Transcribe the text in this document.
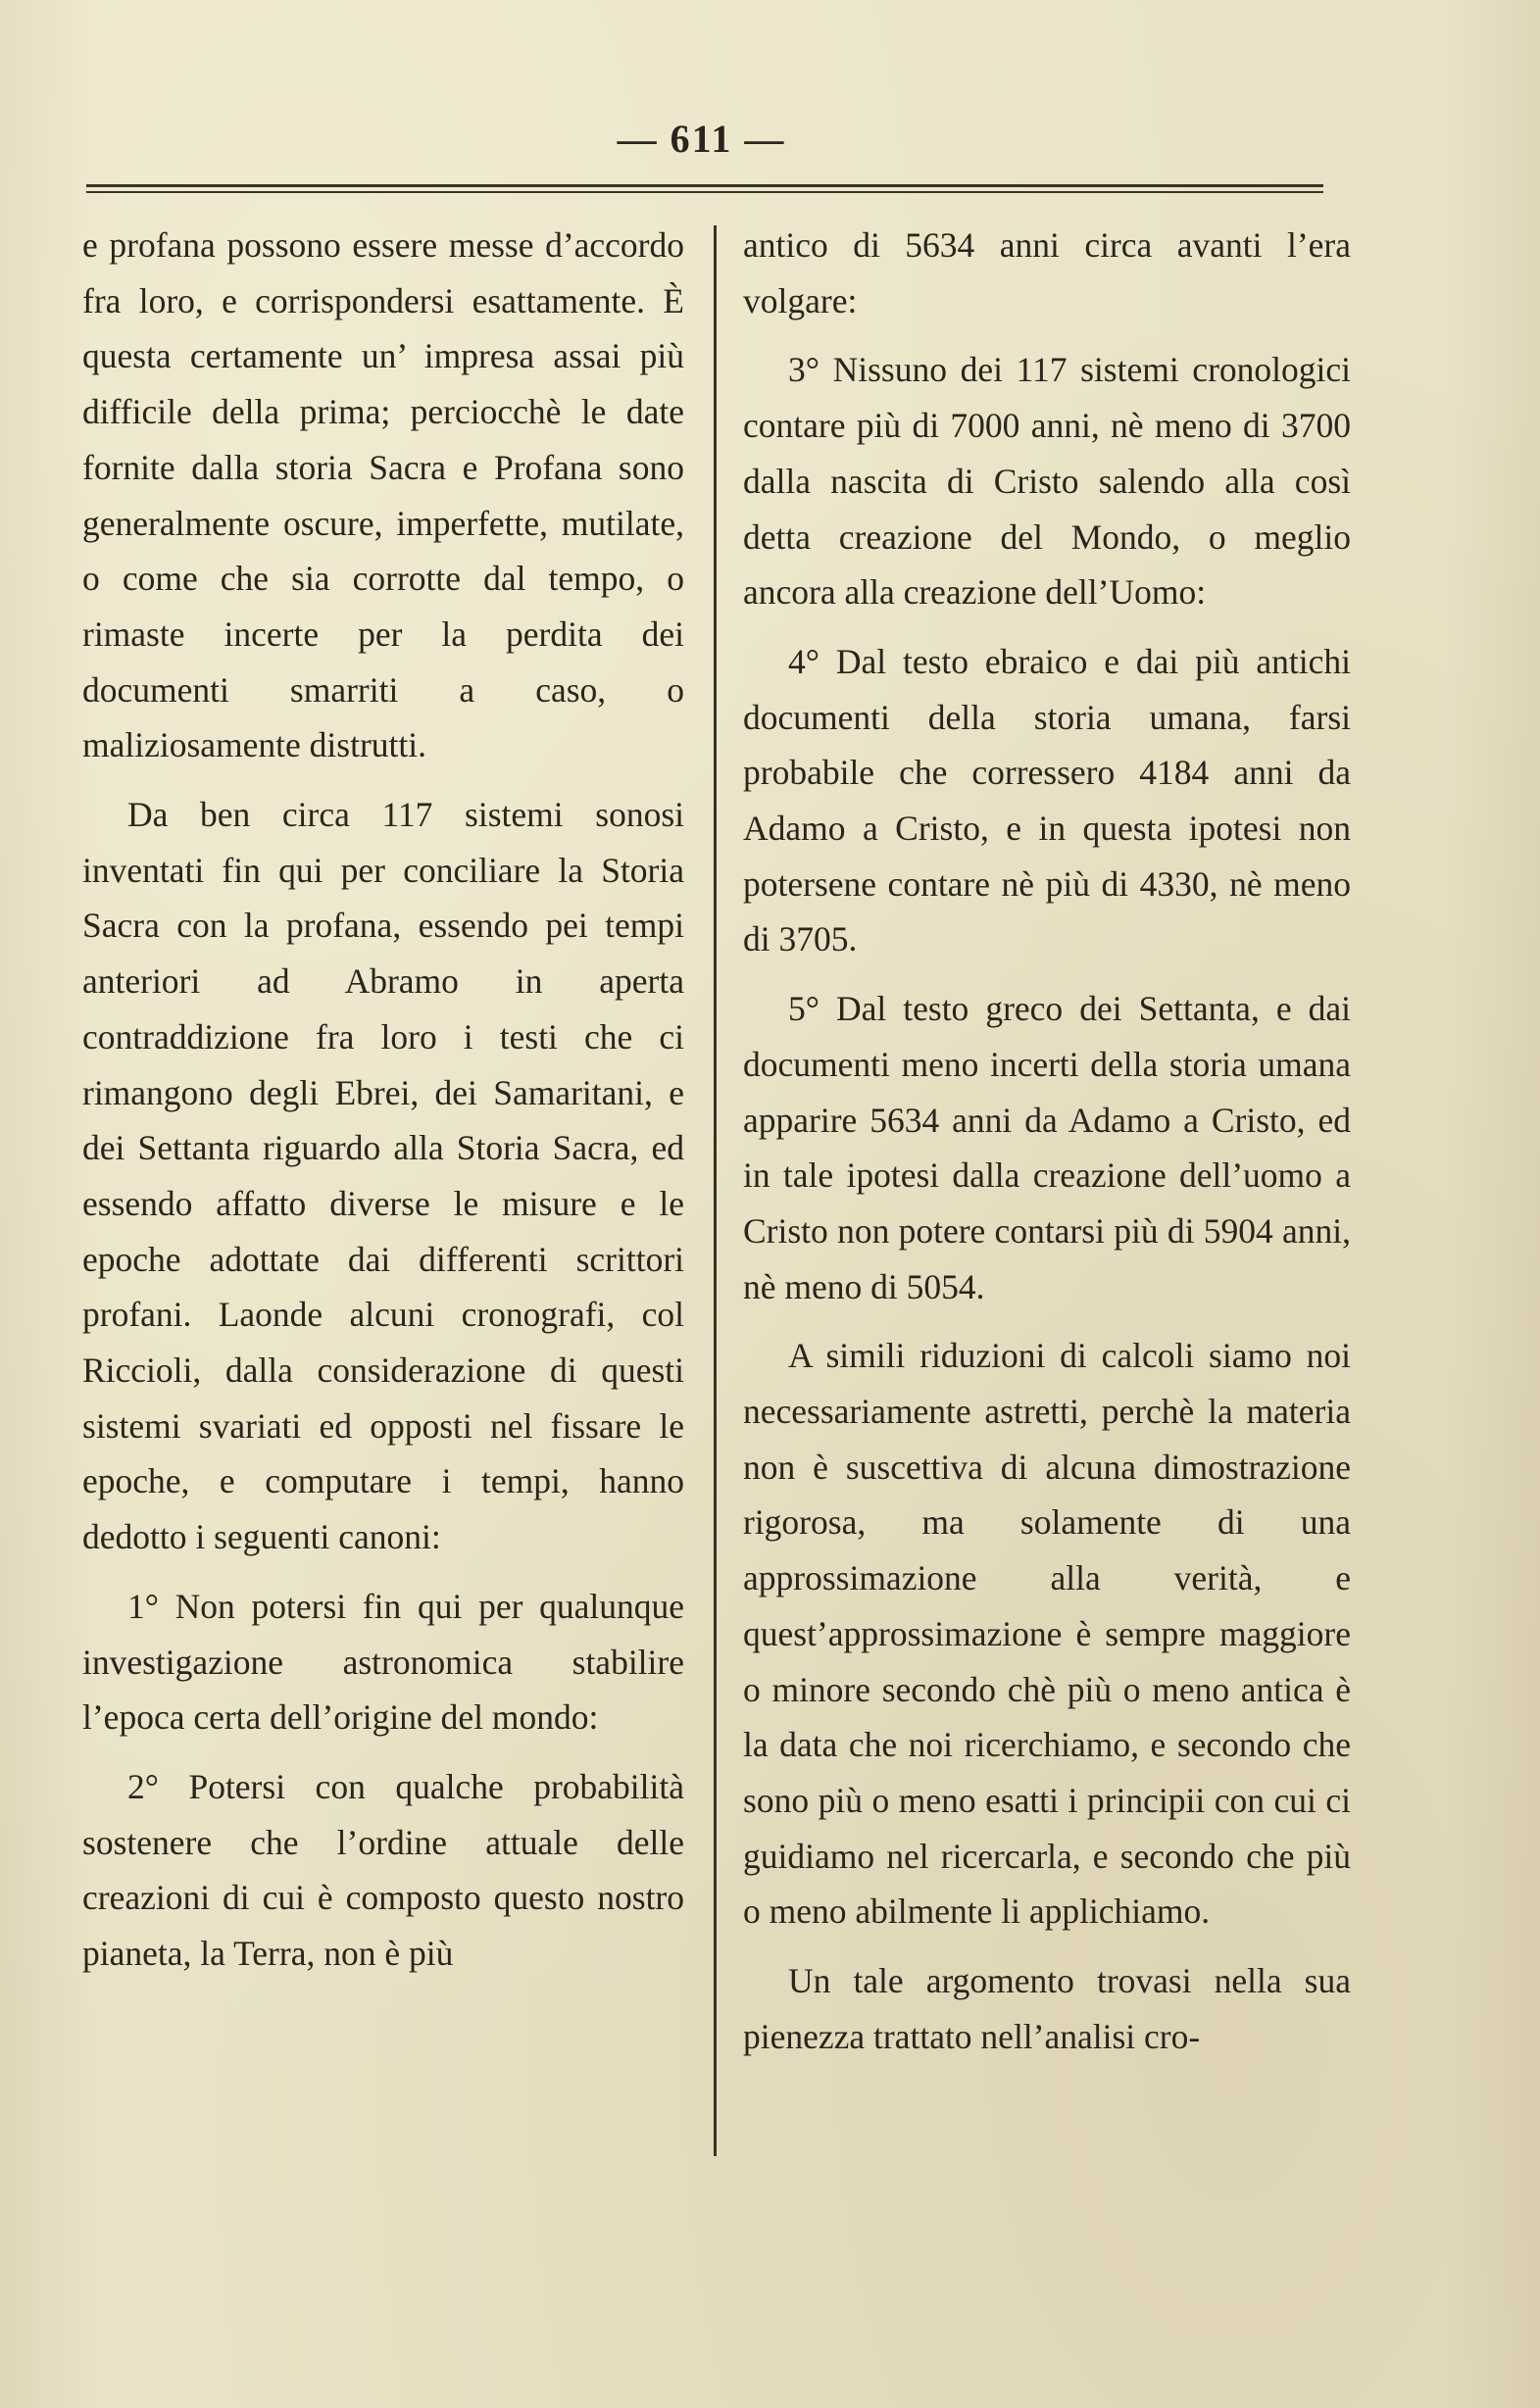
— 611 —

e profana possono essere messe d’accordo fra loro, e corrispondersi esattamente. È questa certamente un’ impresa assai più difficile della prima; perciocchè le date fornite dalla storia Sacra e Profana sono generalmente oscure, imperfette, mutilate, o come che sia corrotte dal tempo, o rimaste incerte per la perdita dei documenti smarriti a caso, o maliziosamente distrutti.

Da ben circa 117 sistemi sonosi inventati fin qui per conciliare la Storia Sacra con la profana, essendo pei tempi anteriori ad Abramo in aperta contraddizione fra loro i testi che ci rimangono degli Ebrei, dei Samaritani, e dei Settanta riguardo alla Storia Sacra, ed essendo affatto diverse le misure e le epoche adottate dai differenti scrittori profani. Laonde alcuni cronografi, col Riccioli, dalla considerazione di questi sistemi svariati ed opposti nel fissare le epoche, e computare i tempi, hanno dedotto i seguenti canoni:

1° Non potersi fin qui per qualunque investigazione astronomica stabilire l’epoca certa dell’origine del mondo:

2° Potersi con qualche probabilità sostenere che l’ordine attuale delle creazioni di cui è composto questo nostro pianeta, la Terra, non è più

antico di 5634 anni circa avanti l’era volgare:

3° Nissuno dei 117 sistemi cronologici contare più di 7000 anni, nè meno di 3700 dalla nascita di Cristo salendo alla così detta creazione del Mondo, o meglio ancora alla creazione dell’Uomo:

4° Dal testo ebraico e dai più antichi documenti della storia umana, farsi probabile che corressero 4184 anni da Adamo a Cristo, e in questa ipotesi non potersene contare nè più di 4330, nè meno di 3705.

5° Dal testo greco dei Settanta, e dai documenti meno incerti della storia umana apparire 5634 anni da Adamo a Cristo, ed in tale ipotesi dalla creazione dell’uomo a Cristo non potere contarsi più di 5904 anni, nè meno di 5054.

A simili riduzioni di calcoli siamo noi necessariamente astretti, perchè la materia non è suscettiva di alcuna dimostrazione rigorosa, ma solamente di una approssimazione alla verità, e quest’approssimazione è sempre maggiore o minore secondo chè più o meno antica è la data che noi ricerchiamo, e secondo che sono più o meno esatti i principii con cui ci guidiamo nel ricercarla, e secondo che più o meno abilmente li applichiamo.

Un tale argomento trovasi nella sua pienezza trattato nell’analisi cro-
